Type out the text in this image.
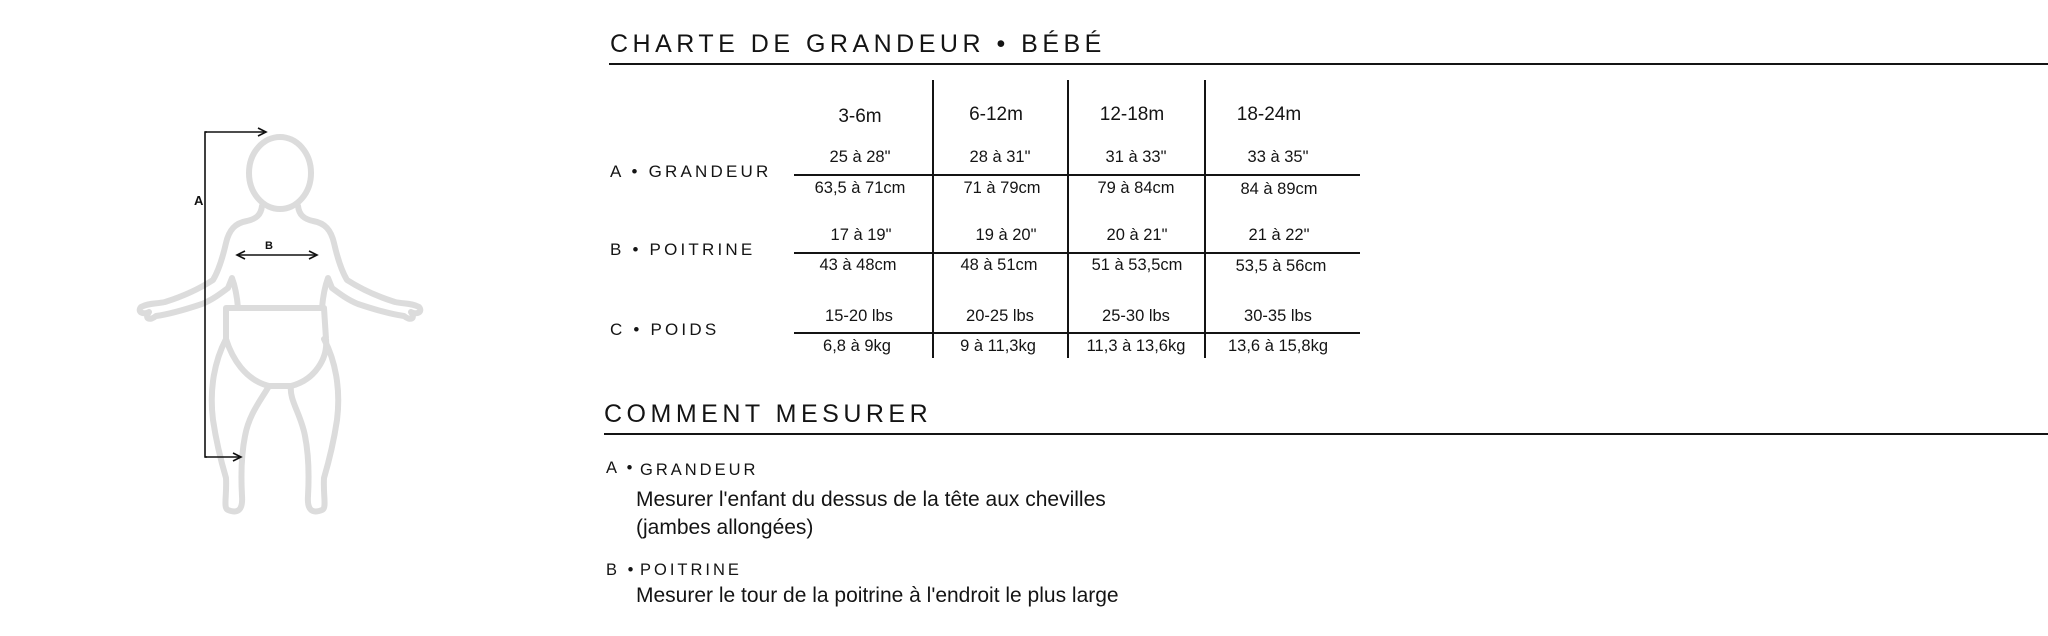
A
B
CHARTE DE GRANDEUR • BÉBÉ
3-6m	6-12m	12-18m	18-24m
A • GRANDEUR
25 à 28"	28 à 31"	31 à 33"	33 à 35"
63,5 à 71cm	71 à 79cm	79 à 84cm	84 à 89cm
B • POITRINE
17 à 19"	19 à 20"	20 à 21"	21 à 22"
43 à 48cm	48 à 51cm	51 à 53,5cm	53,5 à 56cm
C • POIDS
15-20 lbs	20-25 lbs	25-30 lbs	30-35 lbs
6,8 à 9kg	9 à 11,3kg	11,3 à 13,6kg	13,6 à 15,8kg
COMMENT MESURER
A • GRANDEUR
Mesurer l'enfant du dessus de la tête aux chevilles
(jambes allongées)
B • POITRINE
Mesurer le tour de la poitrine à l'endroit le plus large
